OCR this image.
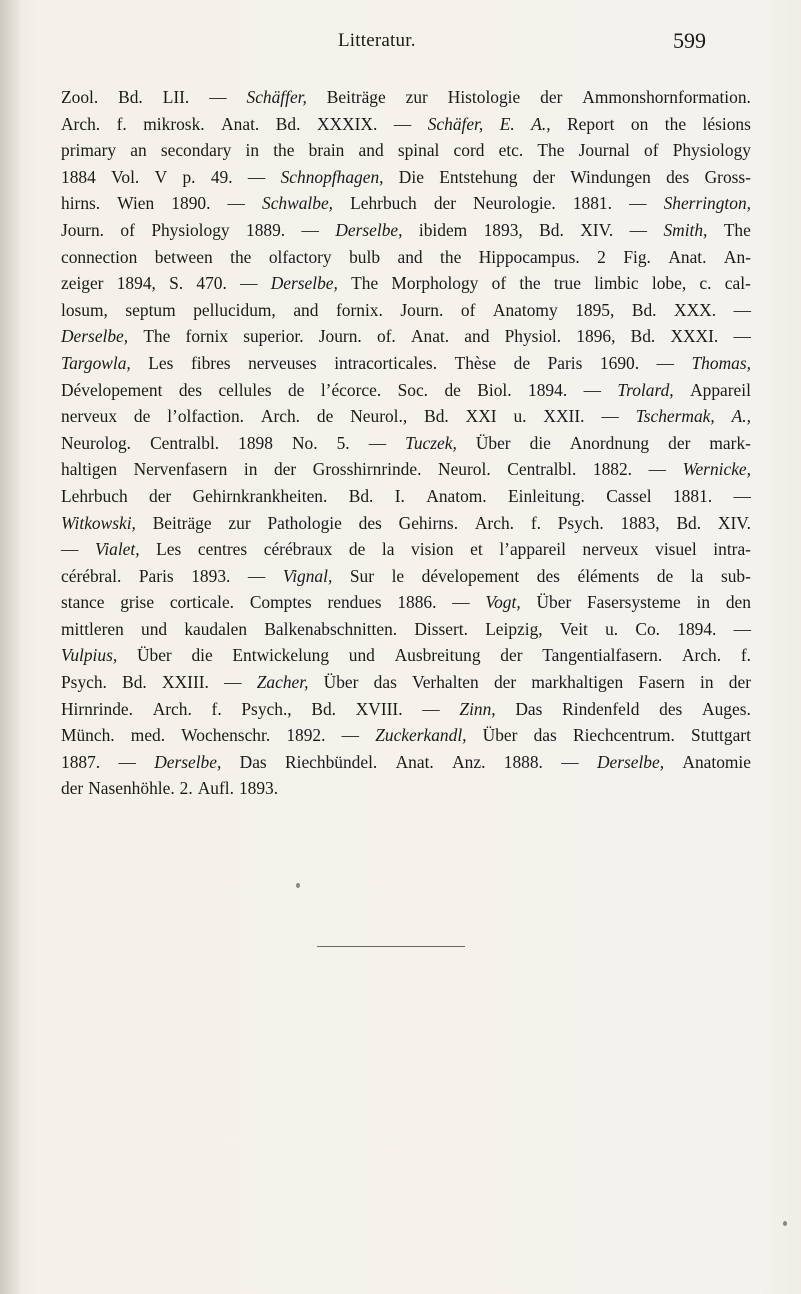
Litteratur.	599
Zool. Bd. LII. — Schäffer, Beiträge zur Histologie der Ammonshornformation.
Arch. f. mikrosk. Anat. Bd. XXXIX. — Schäfer, E. A., Report on the lésions
primary an secondary in the brain and spinal cord etc. The Journal of Physiology
1884 Vol. V p. 49. — Schnopfhagen, Die Entstehung der Windungen des Gross-
hirns. Wien 1890. — Schwalbe, Lehrbuch der Neurologie. 1881. — Sherrington,
Journ. of Physiology 1889. — Derselbe, ibidem 1893, Bd. XIV. — Smith, The
connection between the olfactory bulb and the Hippocampus. 2 Fig. Anat. An-
zeiger 1894, S. 470. — Derselbe, The Morphology of the true limbic lobe, c. cal-
losum, septum pellucidum, and fornix. Journ. of Anatomy 1895, Bd. XXX. —
Derselbe, The fornix superior. Journ. of. Anat. and Physiol. 1896, Bd. XXXI. —
Targowla, Les fibres nerveuses intracorticales. Thèse de Paris 1690. — Thomas,
Dévelopement des cellules de l’écorce. Soc. de Biol. 1894. — Trolard, Appareil
nerveux de l’olfaction. Arch. de Neurol., Bd. XXI u. XXII. — Tschermak, A.,
Neurolog. Centralbl. 1898 No. 5. — Tuczek, Über die Anordnung der mark-
haltigen Nervenfasern in der Grosshirnrinde. Neurol. Centralbl. 1882. — Wernicke,
Lehrbuch der Gehirnkrankheiten. Bd. I. Anatom. Einleitung. Cassel 1881. —
Witkowski, Beiträge zur Pathologie des Gehirns. Arch. f. Psych. 1883, Bd. XIV.
— Vialet, Les centres cérébraux de la vision et l’appareil nerveux visuel intra-
cérébral. Paris 1893. — Vignal, Sur le dévelopement des éléments de la sub-
stance grise corticale. Comptes rendues 1886. — Vogt, Über Fasersysteme in den
mittleren und kaudalen Balkenabschnitten. Dissert. Leipzig, Veit u. Co. 1894. —
Vulpius, Über die Entwickelung und Ausbreitung der Tangentialfasern. Arch. f.
Psych. Bd. XXIII. — Zacher, Über das Verhalten der markhaltigen Fasern in der
Hirnrinde. Arch. f. Psych., Bd. XVIII. — Zinn, Das Rindenfeld des Auges.
Münch. med. Wochenschr. 1892. — Zuckerkandl, Über das Riechcentrum. Stuttgart
1887. — Derselbe, Das Riechbündel. Anat. Anz. 1888. — Derselbe, Anatomie
der Nasenhöhle. 2. Aufl. 1893.
